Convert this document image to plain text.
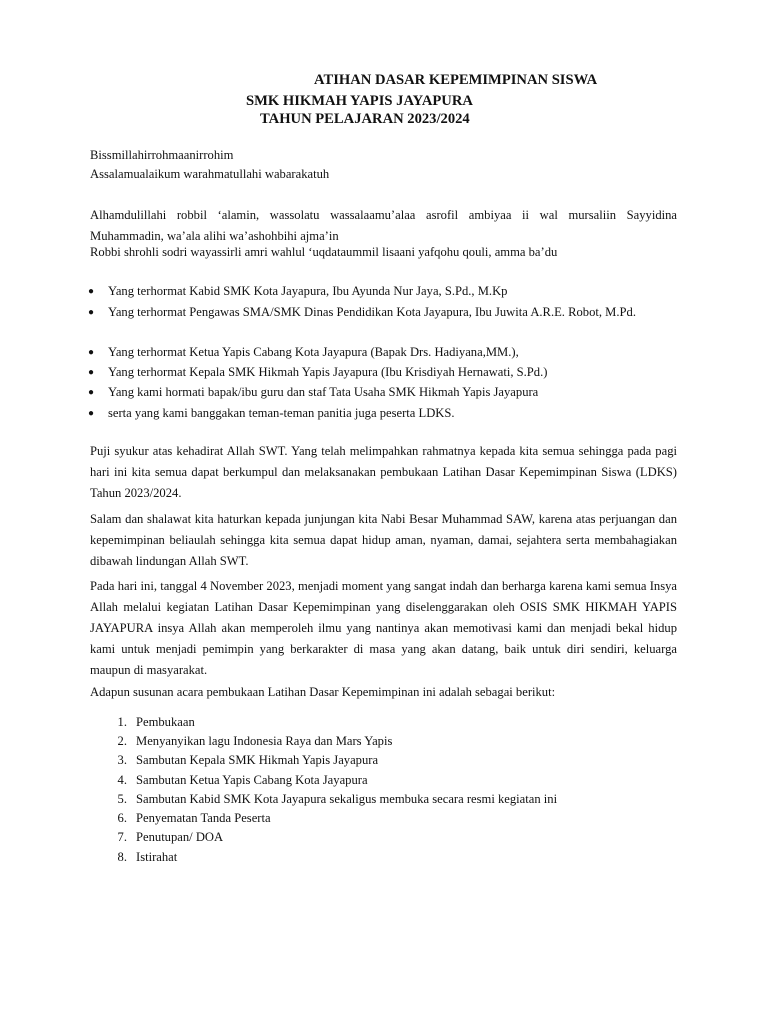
ATIHAN DASAR KEPEMIMPINAN SISWA
SMK HIKMAH YAPIS JAYAPURA
TAHUN PELAJARAN 2023/2024
Bissmillahirrohmaanirrohim
Assalamualaikum warahmatullahi wabarakatuh
Alhamdulillahi robbil ‘alamin, wassolatu wassalaamu’alaa asrofil ambiyaa ii wal mursaliin Sayyidina Muhammadin, wa’ala alihi wa’ashohbihi ajma’in
Robbi shrohli sodri wayassirli amri wahlul ‘uqdataummil lisaani yafqohu qouli, amma ba’du
● Yang terhormat Kabid SMK Kota Jayapura, Ibu Ayunda Nur Jaya, S.Pd., M.Kp
● Yang terhormat Pengawas SMA/SMK Dinas Pendidikan Kota Jayapura, Ibu Juwita A.R.E. Robot, M.Pd.
● Yang terhormat Ketua Yapis Cabang Kota Jayapura (Bapak Drs. Hadiyana,MM.),
● Yang terhormat Kepala SMK Hikmah Yapis Jayapura (Ibu Krisdiyah Hernawati, S.Pd.)
● Yang kami hormati bapak/ibu guru dan staf Tata Usaha SMK Hikmah Yapis Jayapura
● serta yang kami banggakan teman-teman panitia juga peserta LDKS.
Puji syukur atas kehadirat Allah SWT. Yang telah melimpahkan rahmatnya kepada kita semua sehingga pada pagi hari ini kita semua dapat berkumpul dan melaksanakan pembukaan Latihan Dasar Kepemimpinan Siswa (LDKS) Tahun 2023/2024.
Salam dan shalawat kita haturkan kepada junjungan kita Nabi Besar Muhammad SAW, karena atas perjuangan dan kepemimpinan beliaulah sehingga kita semua dapat hidup aman, nyaman, damai, sejahtera serta membahagiakan dibawah lindungan Allah SWT.
Pada hari ini, tanggal 4 November 2023, menjadi moment yang sangat indah dan berharga karena kami semua Insya Allah melalui kegiatan Latihan Dasar Kepemimpinan yang diselenggarakan oleh OSIS SMK HIKMAH YAPIS JAYAPURA insya Allah akan memperoleh ilmu yang nantinya akan memotivasi kami dan menjadi bekal hidup kami untuk menjadi pemimpin yang berkarakter di masa yang akan datang, baik untuk diri sendiri, keluarga maupun di masyarakat.
Adapun susunan acara pembukaan Latihan Dasar Kepemimpinan ini adalah sebagai berikut:
1. Pembukaan
2. Menyanyikan lagu Indonesia Raya dan Mars Yapis
3. Sambutan Kepala SMK Hikmah Yapis Jayapura
4. Sambutan Ketua Yapis Cabang Kota Jayapura
5. Sambutan Kabid SMK Kota Jayapura sekaligus membuka secara resmi kegiatan ini
6. Penyematan Tanda Peserta
7. Penutupan/ DOA
8. Istirahat
